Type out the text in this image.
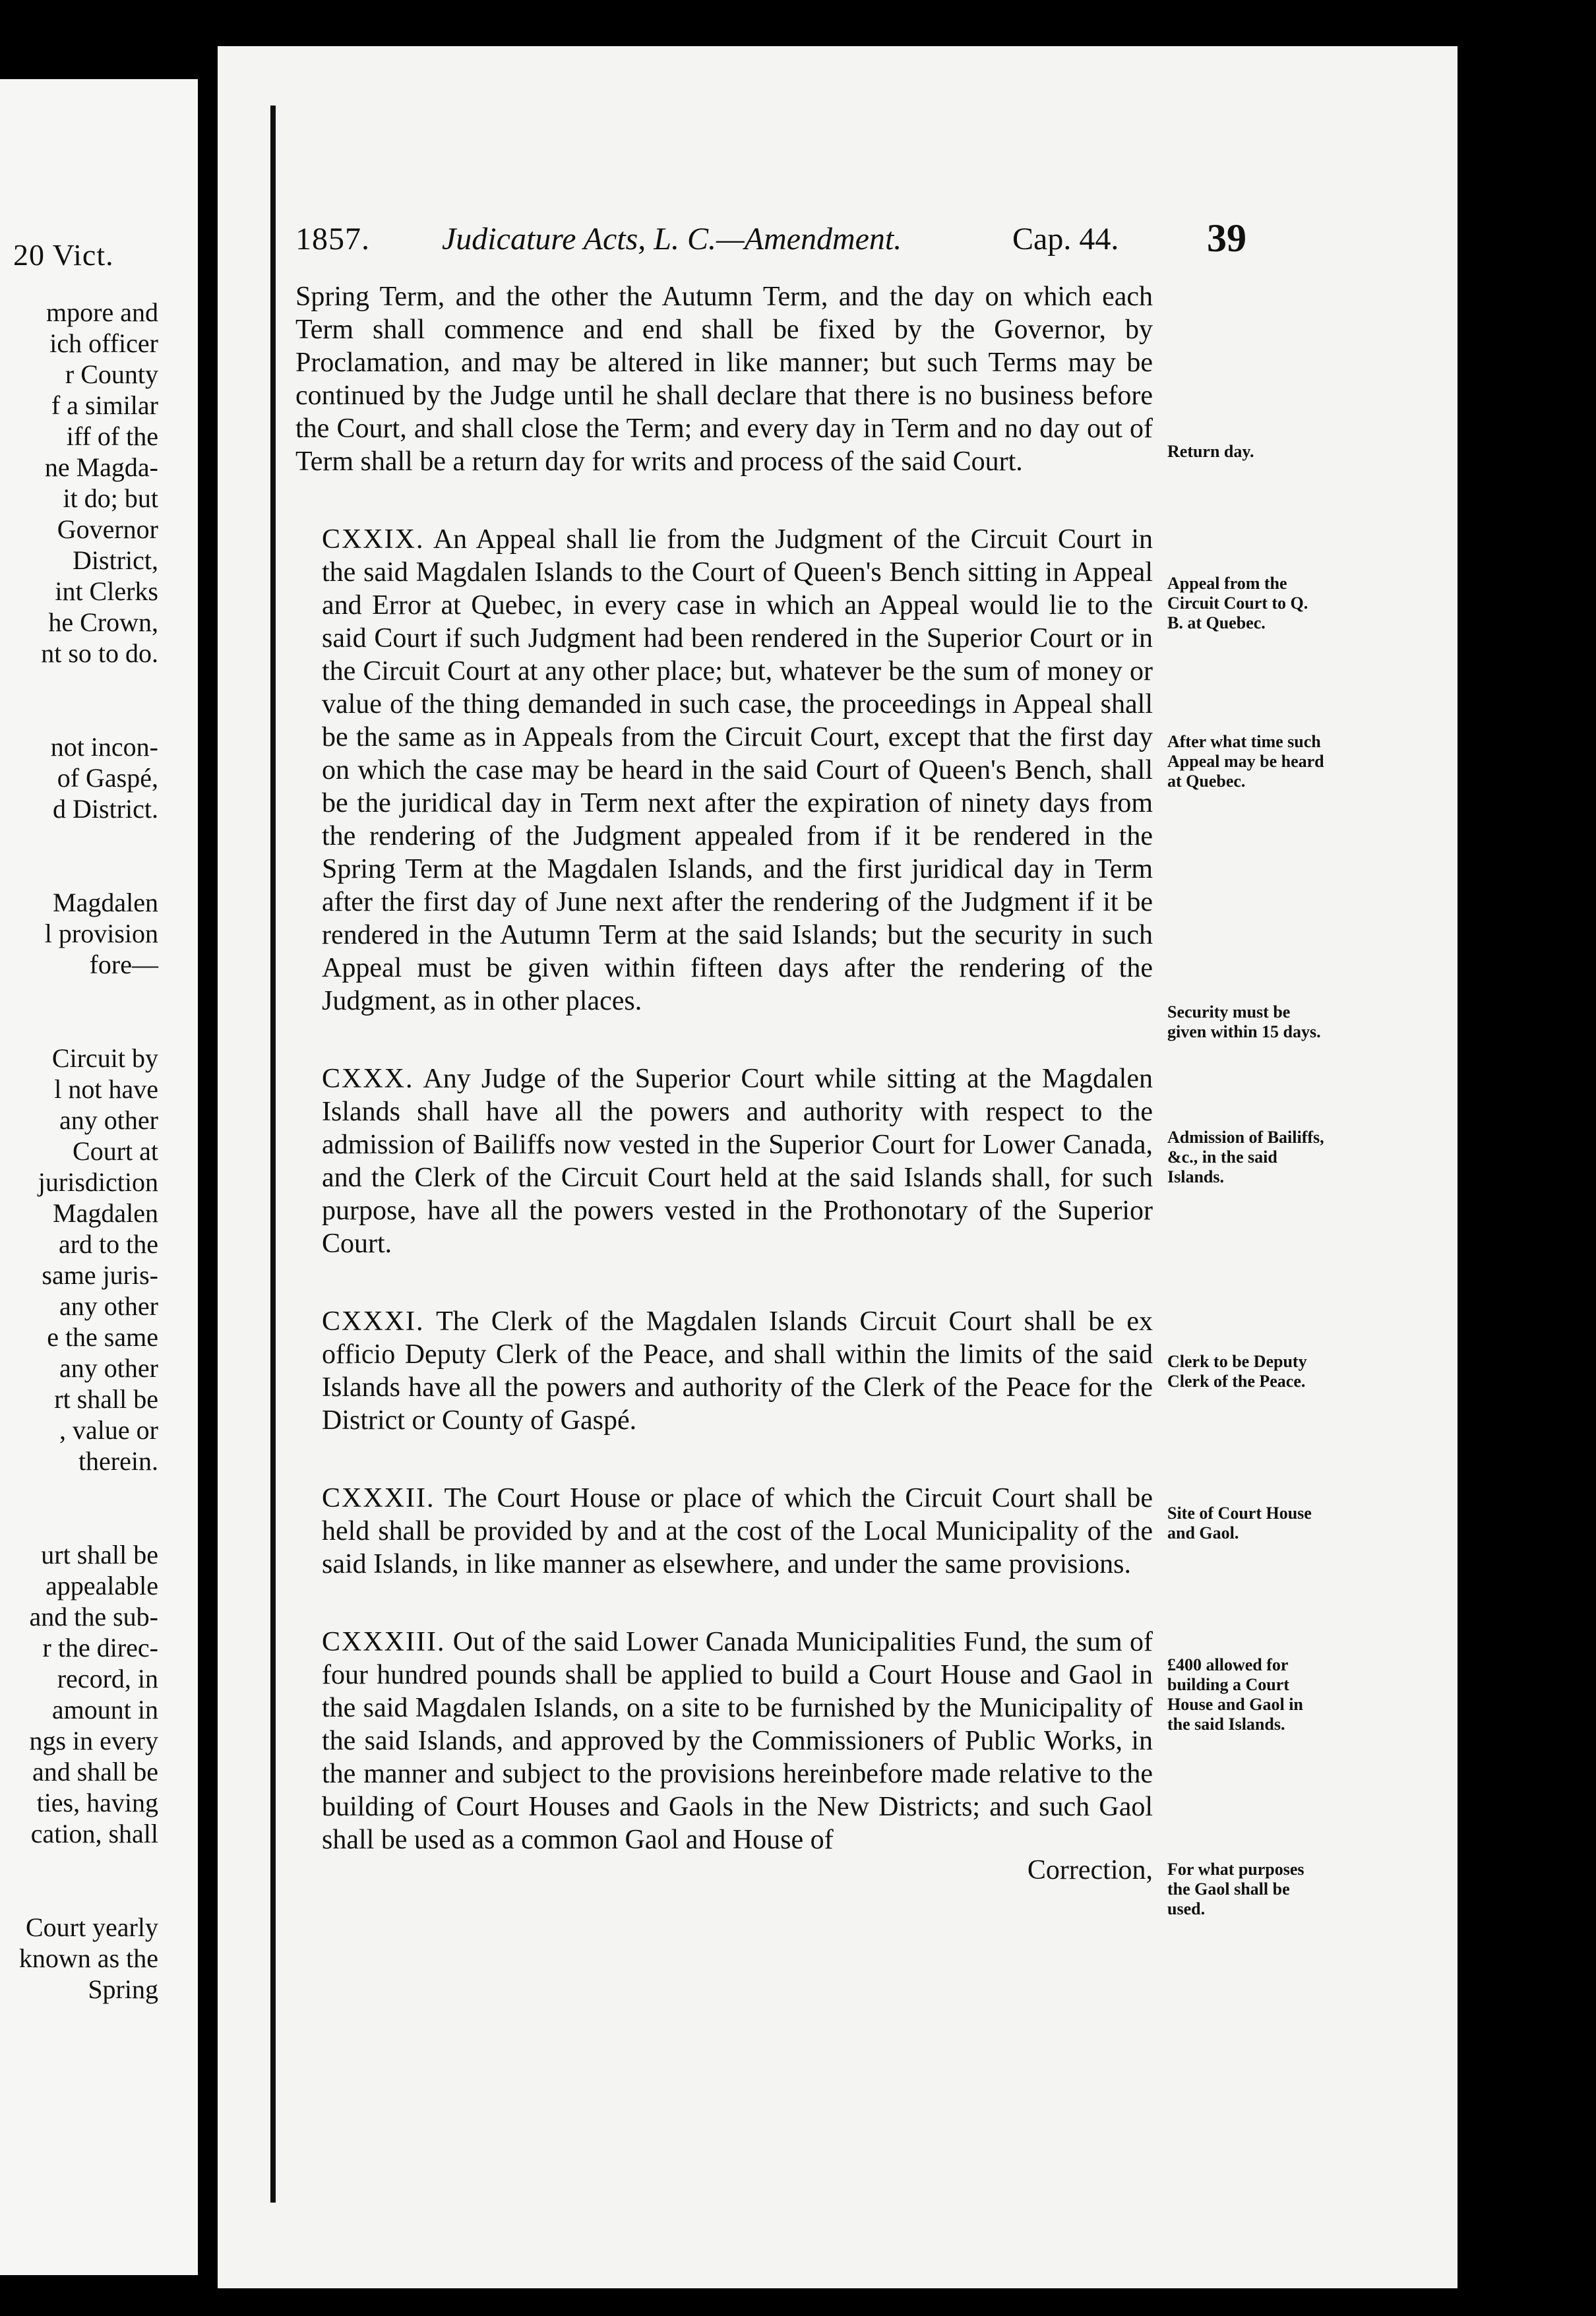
20 Vict.
mpore and
ich officer
r County
f a similar
iff of the
ne Magda-
it do; but
Governor
District,
int Clerks
he Crown,
nt so to do.
not incon-
of Gaspé,
d District.
Magdalen
l provision
fore—
Circuit by
l not have
any other
Court at
jurisdiction
Magdalen
ard to the
same juris-
any other
e the same
any other
rt shall be
, value or
therein.
urt shall be
appealable
and the sub-
r the direc-
record, in
amount in
ngs in every
and shall be
ties, having
cation, shall
Court yearly
known as the
Spring
1857. Judicature Acts, L. C.—Amendment.	Cap. 44. 39

Spring Term, and the other the Autumn Term, and the day on which each Term shall commence and end shall be fixed by the Governor, by Proclamation, and may be altered in like manner; but such Terms may be continued by the Judge until he shall declare that there is no business before the Court, and shall close the Term; and every day in Term and no day out of Term shall be a return day for writs and process of the said Court.

CXXIX. An Appeal shall lie from the Judgment of the Circuit Court in the said Magdalen Islands to the Court of Queen's Bench sitting in Appeal and Error at Quebec, in every case in which an Appeal would lie to the said Court if such Judgment had been rendered in the Superior Court or in the Circuit Court at any other place; but, whatever be the sum of money or value of the thing demanded in such case, the proceedings in Appeal shall be the same as in Appeals from the Circuit Court, except that the first day on which the case may be heard in the said Court of Queen's Bench, shall be the juridical day in Term next after the expiration of ninety days from the rendering of the Judgment appealed from if it be rendered in the Spring Term at the Magdalen Islands, and the first juridical day in Term after the first day of June next after the rendering of the Judgment if it be rendered in the Autumn Term at the said Islands; but the security in such Appeal must be given within fifteen days after the rendering of the Judgment, as in other places.

CXXX. Any Judge of the Superior Court while sitting at the Magdalen Islands shall have all the powers and authority with respect to the admission of Bailiffs now vested in the Superior Court for Lower Canada, and the Clerk of the Circuit Court held at the said Islands shall, for such purpose, have all the powers vested in the Prothonotary of the Superior Court.

CXXXI. The Clerk of the Magdalen Islands Circuit Court shall be ex officio Deputy Clerk of the Peace, and shall within the limits of the said Islands have all the powers and authority of the Clerk of the Peace for the District or County of Gaspé.

CXXXII. The Court House or place of which the Circuit Court shall be held shall be provided by and at the cost of the Local Municipality of the said Islands, in like manner as elsewhere, and under the same provisions.

CXXXIII. Out of the said Lower Canada Municipalities Fund, the sum of four hundred pounds shall be applied to build a Court House and Gaol in the said Magdalen Islands, on a site to be furnished by the Municipality of the said Islands, and approved by the Commissioners of Public Works, in the manner and subject to the provisions hereinbefore made relative to the building of Court Houses and Gaols in the New Districts; and such Gaol shall be used as a common Gaol and House of

Correction,
Return day.
Appeal from the Circuit Court to Q. B. at Quebec.
After what time such Appeal may be heard at Quebec.
Security must be given within 15 days.
Admission of Bailiffs, &c., in the said Islands.
Clerk to be Deputy Clerk of the Peace.
Site of Court House and Gaol.
£400 allowed for building a Court House and Gaol in the said Islands.
For what purposes the Gaol shall be used.
